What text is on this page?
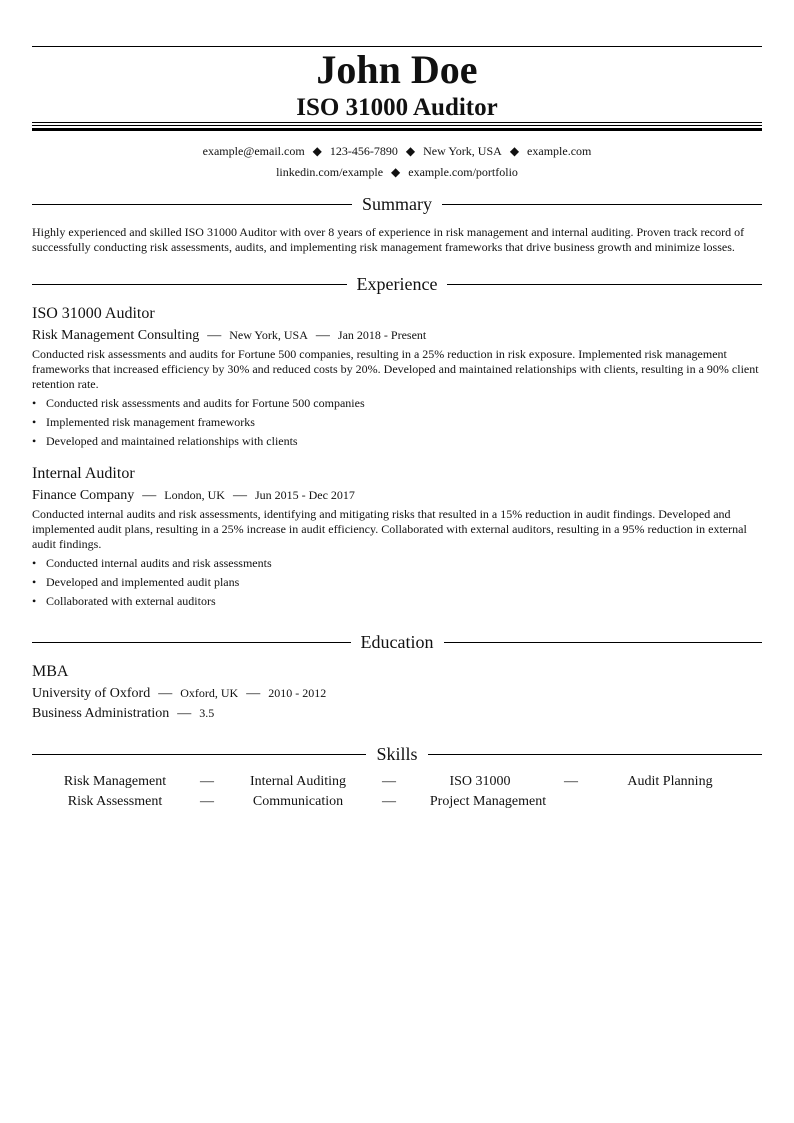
John Doe
ISO 31000 Auditor
example@email.com ◆ 123-456-7890 ◆ New York, USA ◆ example.com
linkedin.com/example ◆ example.com/portfolio
Summary
Highly experienced and skilled ISO 31000 Auditor with over 8 years of experience in risk management and internal auditing. Proven track record of successfully conducting risk assessments, audits, and implementing risk management frameworks that drive business growth and minimize losses.
Experience
ISO 31000 Auditor
Risk Management Consulting — New York, USA — Jan 2018 - Present
Conducted risk assessments and audits for Fortune 500 companies, resulting in a 25% reduction in risk exposure. Implemented risk management frameworks that increased efficiency by 30% and reduced costs by 20%. Developed and maintained relationships with clients, resulting in a 90% client retention rate.
• Conducted risk assessments and audits for Fortune 500 companies
• Implemented risk management frameworks
• Developed and maintained relationships with clients
Internal Auditor
Finance Company — London, UK — Jun 2015 - Dec 2017
Conducted internal audits and risk assessments, identifying and mitigating risks that resulted in a 15% reduction in audit findings. Developed and implemented audit plans, resulting in a 25% increase in audit efficiency. Collaborated with external auditors, resulting in a 95% reduction in external audit findings.
• Conducted internal audits and risk assessments
• Developed and implemented audit plans
• Collaborated with external auditors
Education
MBA
University of Oxford — Oxford, UK — 2010 - 2012
Business Administration — 3.5
Skills
Risk Management	—	Internal Auditing	—	ISO 31000	—	Audit Planning
Risk Assessment	—	Communication	—	Project Management
